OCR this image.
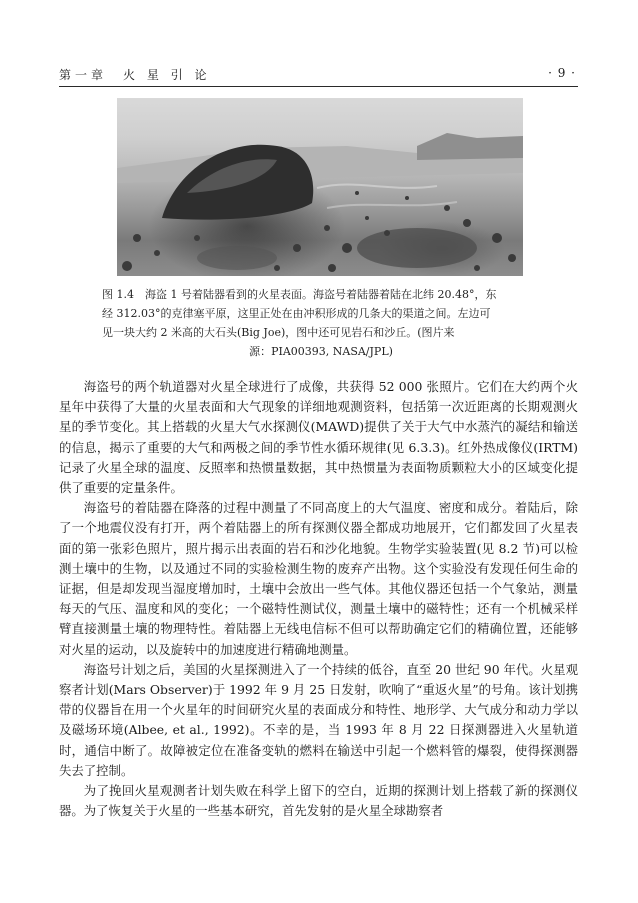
第一章　火 星 引 论	· 9 ·
图 1.4　海盗 1 号着陆器看到的火星表面。海盗号着陆器着陆在北纬 20.48°，东
经 312.03°的克律塞平原，这里正处在由冲积形成的几条大的渠道之间。左边可
见一块大约 2 米高的大石头(Big Joe)，图中还可见岩石和沙丘。(图片来
源：PIA00393, NASA/JPL)

海盗号的两个轨道器对火星全球进行了成像，共获得 52 000 张照片。它们在大约两个火星年中获得了大量的火星表面和大气现象的详细地观测资料，包括第一次近距离的长期观测火星的季节变化。其上搭载的火星大气水探测仪(MAWD)提供了关于大气中水蒸汽的凝结和输送的信息，揭示了重要的大气和两极之间的季节性水循环规律(见 6.3.3)。红外热成像仪(IRTM)记录了火星全球的温度、反照率和热惯量数据，其中热惯量为表面物质颗粒大小的区域变化提供了重要的定量条件。

海盗号的着陆器在降落的过程中测量了不同高度上的大气温度、密度和成分。着陆后，除了一个地震仪没有打开，两个着陆器上的所有探测仪器全都成功地展开，它们都发回了火星表面的第一张彩色照片，照片揭示出表面的岩石和沙化地貌。生物学实验装置(见 8.2 节)可以检测土壤中的生物，以及通过不同的实验检测生物的废弃产出物。这个实验没有发现任何生命的证据，但是却发现当湿度增加时，土壤中会放出一些气体。其他仪器还包括一个气象站，测量每天的气压、温度和风的变化；一个磁特性测试仪，测量土壤中的磁特性；还有一个机械采样臂直接测量土壤的物理特性。着陆器上无线电信标不但可以帮助确定它们的精确位置，还能够对火星的运动，以及旋转中的加速度进行精确地测量。

海盗号计划之后，美国的火星探测进入了一个持续的低谷，直至 20 世纪 90 年代。火星观察者计划(Mars Observer)于 1992 年 9 月 25 日发射，吹响了“重返火星”的号角。该计划携带的仪器旨在用一个火星年的时间研究火星的表面成分和特性、地形学、大气成分和动力学以及磁场环境(Albee, et al., 1992)。不幸的是，当 1993 年 8 月 22 日探测器进入火星轨道时，通信中断了。故障被定位在准备变轨的燃料在输送中引起一个燃料管的爆裂，使得探测器失去了控制。

为了挽回火星观测者计划失败在科学上留下的空白，近期的探测计划上搭载了新的探测仪器。为了恢复关于火星的一些基本研究，首先发射的是火星全球勘察者
